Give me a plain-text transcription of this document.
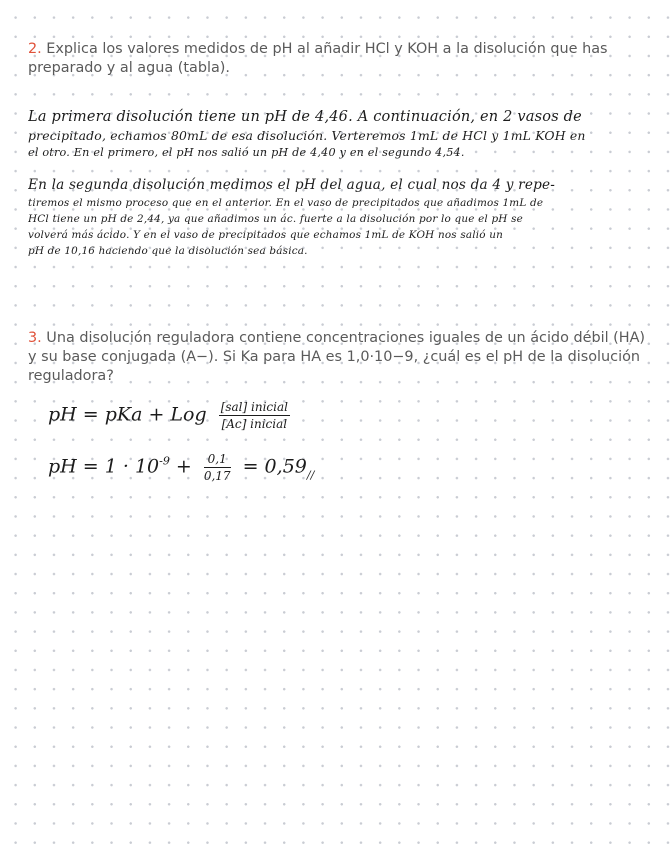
2. Explica los valores medidos de pH al añadir HCl y KOH a la disolución que has preparado y al agua (tabla).
La primera disolución tiene un pH de 4,46. A continuación, en 2 vasos de
precipitado, echamos 80mL de esa disolución. Verteremos 1mL de HCl y 1mL KOH en
el otro. En el primero, el pH nos salió un pH de 4,40 y en el segundo 4,54.
En la segunda disolución medimos el pH del agua, el cual nos da 4 y repe-
tiremos el mismo proceso que en el anterior. En el vaso de precipitados que añadimos 1mL de
HCl tiene un pH de 2,44, ya que añadimos un ác. fuerte a la disolución por lo que el pH se
volverá más ácido. Y en el vaso de precipitados que echamos 1mL de KOH nos salió un
pH de 10,16 haciendo que la disolución sea básica.
3. Una disolución reguladora contiene concentraciones iguales de un ácido débil (HA) y su base conjugada (A−). Si Ka para HA es 1,0·10−9, ¿cuál es el pH de la disolución reguladora?
pH = pKa + Log $\frac{\text{[sal] inicial}}{\text{[Ac] inicial}}$
pH = $1 \cdot 10^{-9} + \frac{0,1}{0,17} = 0,59_{//}$
